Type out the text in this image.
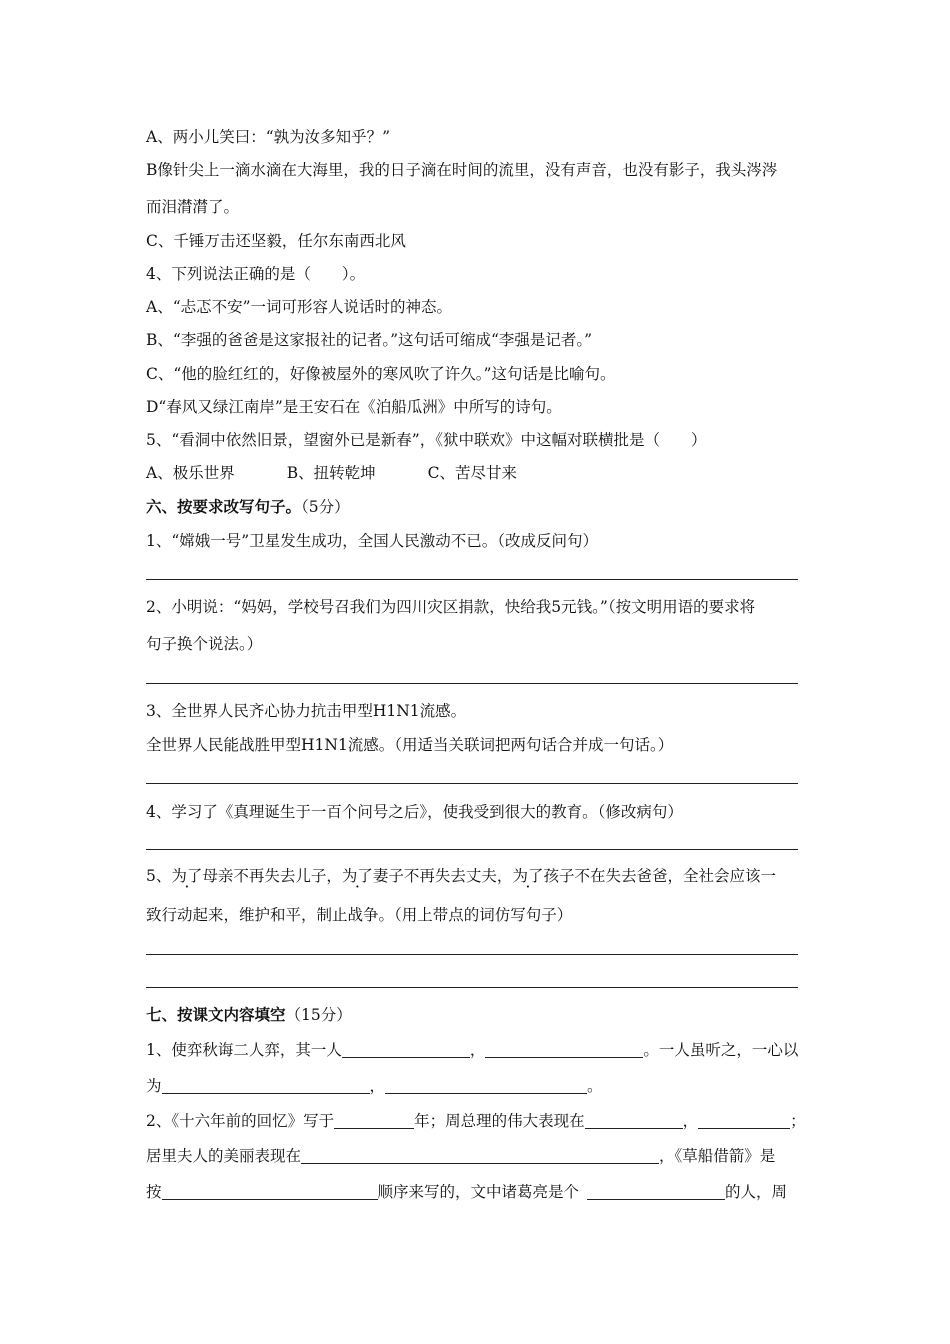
A、两小儿笑曰：“孰为汝多知乎？”
B像针尖上一滴水滴在大海里，我的日子滴在时间的流里，没有声音，也没有影子，我头涔涔
而泪潸潸了。
C、千锤万击还坚毅，任尔东南西北风
4、下列说法正确的是（　　）。
A、“忐忑不安”一词可形容人说话时的神态。
B、“李强的爸爸是这家报社的记者。”这句话可缩成“李强是记者。”
C、“他的脸红红的，好像被屋外的寒风吹了许久。”这句话是比喻句。
D“春风又绿江南岸”是王安石在《泊船瓜洲》中所写的诗句。
5、“看洞中依然旧景，望窗外已是新春”，《狱中联欢》中这幅对联横批是（　　）
A、极乐世界	B、扭转乾坤	C、苦尽甘来
六、按要求改写句子。（5分）
1、“嫦娥一号”卫星发生成功，全国人民激动不已。（改成反问句）
2、小明说：“妈妈，学校号召我们为四川灾区捐款，快给我5元钱。”（按文明用语的要求将
句子换个说法。）
3、全世界人民齐心协力抗击甲型H1N1流感。
全世界人民能战胜甲型H1N1流感。（用适当关联词把两句话合并成一句话。）
4、学习了《真理诞生于一百个问号之后》，使我受到很大的教育。（修改病句）
5、为了母亲不再失去儿子，为了妻子不再失去丈夫，为了孩子不在失去爸爸，全社会应该一
致行动起来，维护和平，制止战争。（用上带点的词仿写句子）
七、按课文内容填空（15分）
1、使弈秋诲二人弈，其一人	，	。一人虽听之，一心以
为	，	。
2、《十六年前的回忆》写于	年；周总理的伟大表现在	，	；
居里夫人的美丽表现在	，《草船借箭》是
按	顺序来写的，文中诸葛亮是个	的人，周
